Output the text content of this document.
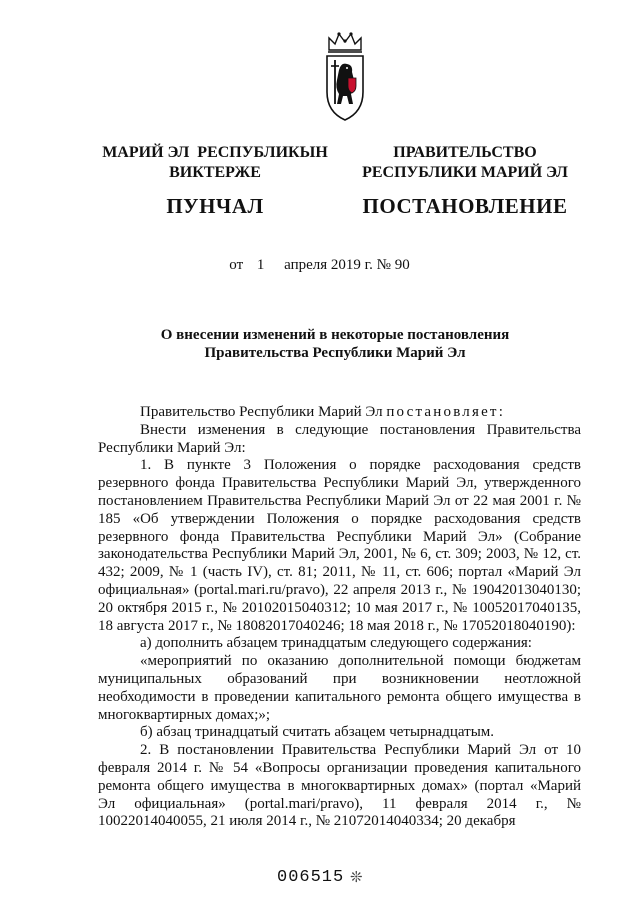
МАРИЙ ЭЛ  РЕСПУБЛИКЫН
ВИКТЕРЖЕ
ПУНЧАЛ
ПРАВИТЕЛЬСТВО
РЕСПУБЛИКИ МАРИЙ ЭЛ
ПОСТАНОВЛЕНИЕ
от 1 апреля 2019 г. № 90
О внесении изменений в некоторые постановления
Правительства Республики Марий Эл

Правительство Республики Марий Эл постановляет:

Внести изменения в следующие постановления Правительства Республики Марий Эл:

1. В пункте 3 Положения о порядке расходования средств резервного фонда Правительства Республики Марий Эл, утвержденного постановлением Правительства Республики Марий Эл от 22 мая 2001 г. № 185 «Об утверждении Положения о порядке расходования средств резервного фонда Правительства Республики Марий Эл» (Собрание законодательства Республики Марий Эл, 2001, № 6, ст. 309; 2003, № 12, ст. 432; 2009, № 1 (часть IV), ст. 81; 2011, № 11, ст. 606; портал «Марий Эл официальная» (portal.mari.ru/pravo), 22 апреля 2013 г., № 19042013040130; 20 октября 2015 г., № 20102015040312; 10 мая 2017 г., № 10052017040135, 18 августа 2017 г., № 18082017040246; 18 мая 2018 г., № 17052018040190):

а) дополнить абзацем тринадцатым следующего содержания:

«мероприятий по оказанию дополнительной помощи бюджетам муниципальных образований при возникновении неотложной необходимости в проведении капитального ремонта общего имущества в многоквартирных домах;»;

б) абзац тринадцатый считать абзацем четырнадцатым.

2. В постановлении Правительства Республики Марий Эл от 10 февраля 2014 г. № 54 «Вопросы организации проведения капитального ремонта общего имущества в многоквартирных домах» (портал «Марий Эл официальная» (portal.mari/pravo), 11 февраля 2014 г., № 10022014040055, 21 июля 2014 г., № 21072014040334; 20 декабря

006515 ❊
